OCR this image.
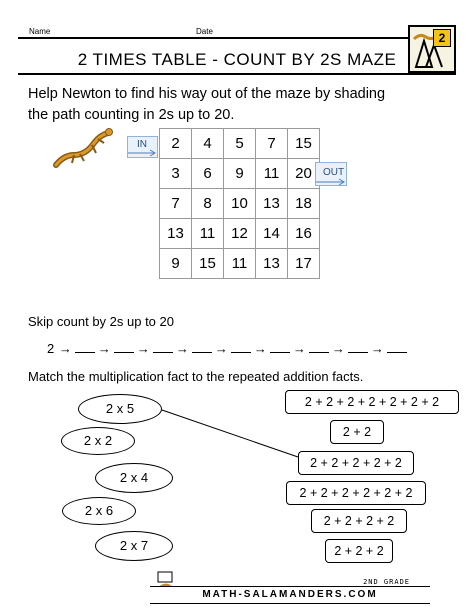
Name	Date
2 TIMES TABLE - COUNT BY 2S MAZE
2
Help Newton to find his way out of the maze by shading the path counting in 2s up to 20.
IN 2	4	5	7	15
3	6	9	11	20
7	8	10	13	18
13	11	12	14	16
9	15	11	13	17
OUT
Skip count by 2s up to 20
2 → → → → → → → → →
Match the multiplication fact to the repeated addition facts.
2 x 5
2 x 2
2 x 4
2 x 6
2 x 7
2 + 2 + 2 + 2 + 2 + 2 + 2
2 + 2
2 + 2 + 2 + 2 + 2
2 + 2 + 2 + 2 + 2 + 2
2 + 2 + 2 + 2
2 + 2 + 2
2ND GRADE
MATH-SALAMANDERS.COM
